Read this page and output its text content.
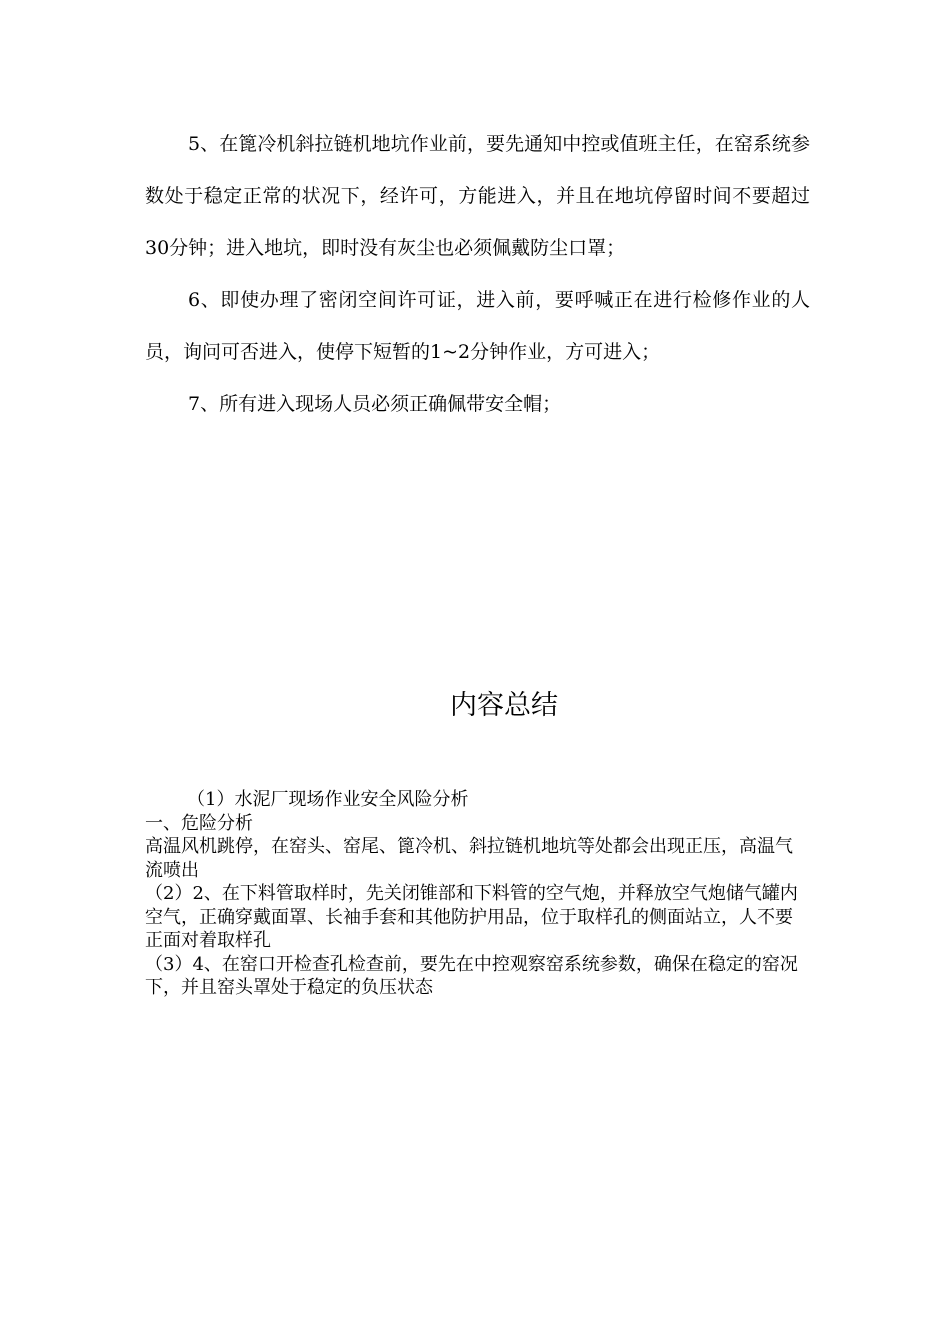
5、在篦冷机斜拉链机地坑作业前，要先通知中控或值班主任，在窑系统参数处于稳定正常的状况下，经许可，方能进入，并且在地坑停留时间不要超过30分钟；进入地坑，即时没有灰尘也必须佩戴防尘口罩；

6、即使办理了密闭空间许可证，进入前，要呼喊正在进行检修作业的人员，询问可否进入，使停下短暂的1~2分钟作业，方可进入；

7、所有进入现场人员必须正确佩带安全帽；

内容总结

（1）水泥厂现场作业安全风险分析

一、危险分析

高温风机跳停，在窑头、窑尾、篦冷机、斜拉链机地坑等处都会出现正压，高温气流喷出

（2）2、在下料管取样时，先关闭锥部和下料管的空气炮，并释放空气炮储气罐内空气，正确穿戴面罩、长袖手套和其他防护用品，位于取样孔的侧面站立，人不要正面对着取样孔

（3）4、在窑口开检查孔检查前，要先在中控观察窑系统参数，确保在稳定的窑况下，并且窑头罩处于稳定的负压状态
